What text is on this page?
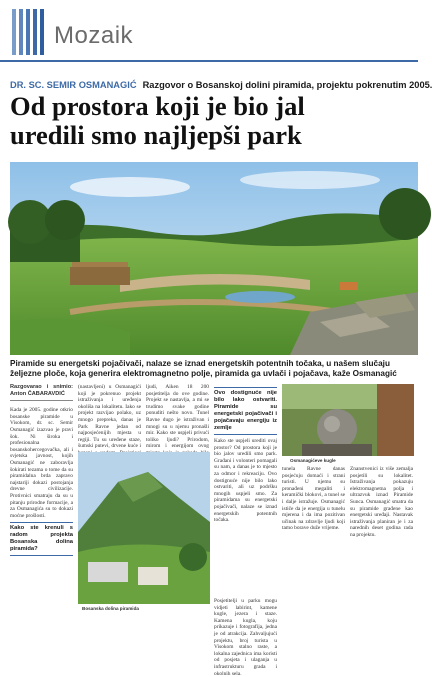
Mozaik
DR. SC. SEMIR OSMANAGIĆ Razgovor o Bosanskoj dolini piramida, projektu pokrenutim 2005.
Od prostora koji je bio jal
uredili smo najljepši park
Piramide su energetski pojačivači, nalaze se iznad energetskih potentnih točaka, u našem slučaju željezne ploče, koja generira elektromagnetno polje, piramida ga uvlači i pojačava, kaže Osmanagić
Razgovarao i snimio: Anton ČABARAVDIĆ

Kada je 2005. godine otkrio bosanske piramide u Visokom, dr. sc. Semir Osmanagić izazvao je pravi šok. Ni široka i profesionalna bosanskohercegovačka, ali i svjetska javnost, kojih Osmanagić ne zaboravlja šokirati tezama o tome da su piramidalna brda zapravo najstariji dokazi postojanja drevne civilizacije. Protivnici smatraju da su u pitanju prirodne formacije, a za Osmanagića su to dokazi moćne prošlosti.

Kako ste krenuli s radom projekta Bosanska dolina piramida?

(nastavljeni) u Osmanagići koji je pokrenuo projekt istraživanja i uređenja okoliša na lokalitetu. Iako se projekt razvijao polako, uz mnogo prepreka, danas je Park Ravne jedan od najposjećenijih mjesta u regiji. Tu su uređene staze, šumski putevi, drvene kuće i

ljudi, Aiken 18 200 posjetitelja do ove godine. Projekt se nastavlja, a mi se trudimo svake godine ponuditi nešto novo. Tunel Ravne dugo je istraživan i mnogi su u njemu pronašli mir. Kako ste uspjeli privući toliko ljudi? Prirodom, mirom i energijom ovog

Bosanska dolina piramida
Ovo dostignuće nije bilo lako ostvariti. Piramide su energetski pojačivači i pojačavaju energiju iz zemlje

Kako ste uspjeli urediti ovaj prostor? Od prostora koji je bio jalov uredili smo park. Građani i volonteri pomagali su nam, a danas je to mjesto za odmor i rekreaciju. Ovo dostignuće nije bilo lako ostvariti, ali uz podršku mnogih uspjeli smo. Za piramidama su energetski pojačivači, nalaze se iznad energetskih potentnih točaka.

Osmanagićeve kugle

tunela Ravne danas posjećuju domaći i strani turisti. U njemu su pronađeni megaliti i keramički blokovi, a tunel se i dalje istražuje. Osmanagić ističe da je energija u tunelu mjerena i da ima pozitivan učinak na zdravlje ljudi koji tamo borave duže vrijeme.

Znanstvenici iz više zemalja posjetili su lokalitet. Istraživanja pokazuju elektromagnetna polja i ultrazvuk iznad Piramide Sunca. Osmanagić smatra da su piramide građene kao energetski uređaji. Nastavak istraživanja planiran je i za narednih deset godina rada na projektu.

Posjetitelji u parku mogu vidjeti labirint, kamene kugle, jezera i staze. Kamena kugla, koju prikazuje i fotografija, jedna je od atrakcija. Zahvaljujući projektu, broj turista u Visokom stalno raste, a lokalna zajednica ima koristi od posjeta i ulaganja u infrastrukturu grada i okolnih sela.
